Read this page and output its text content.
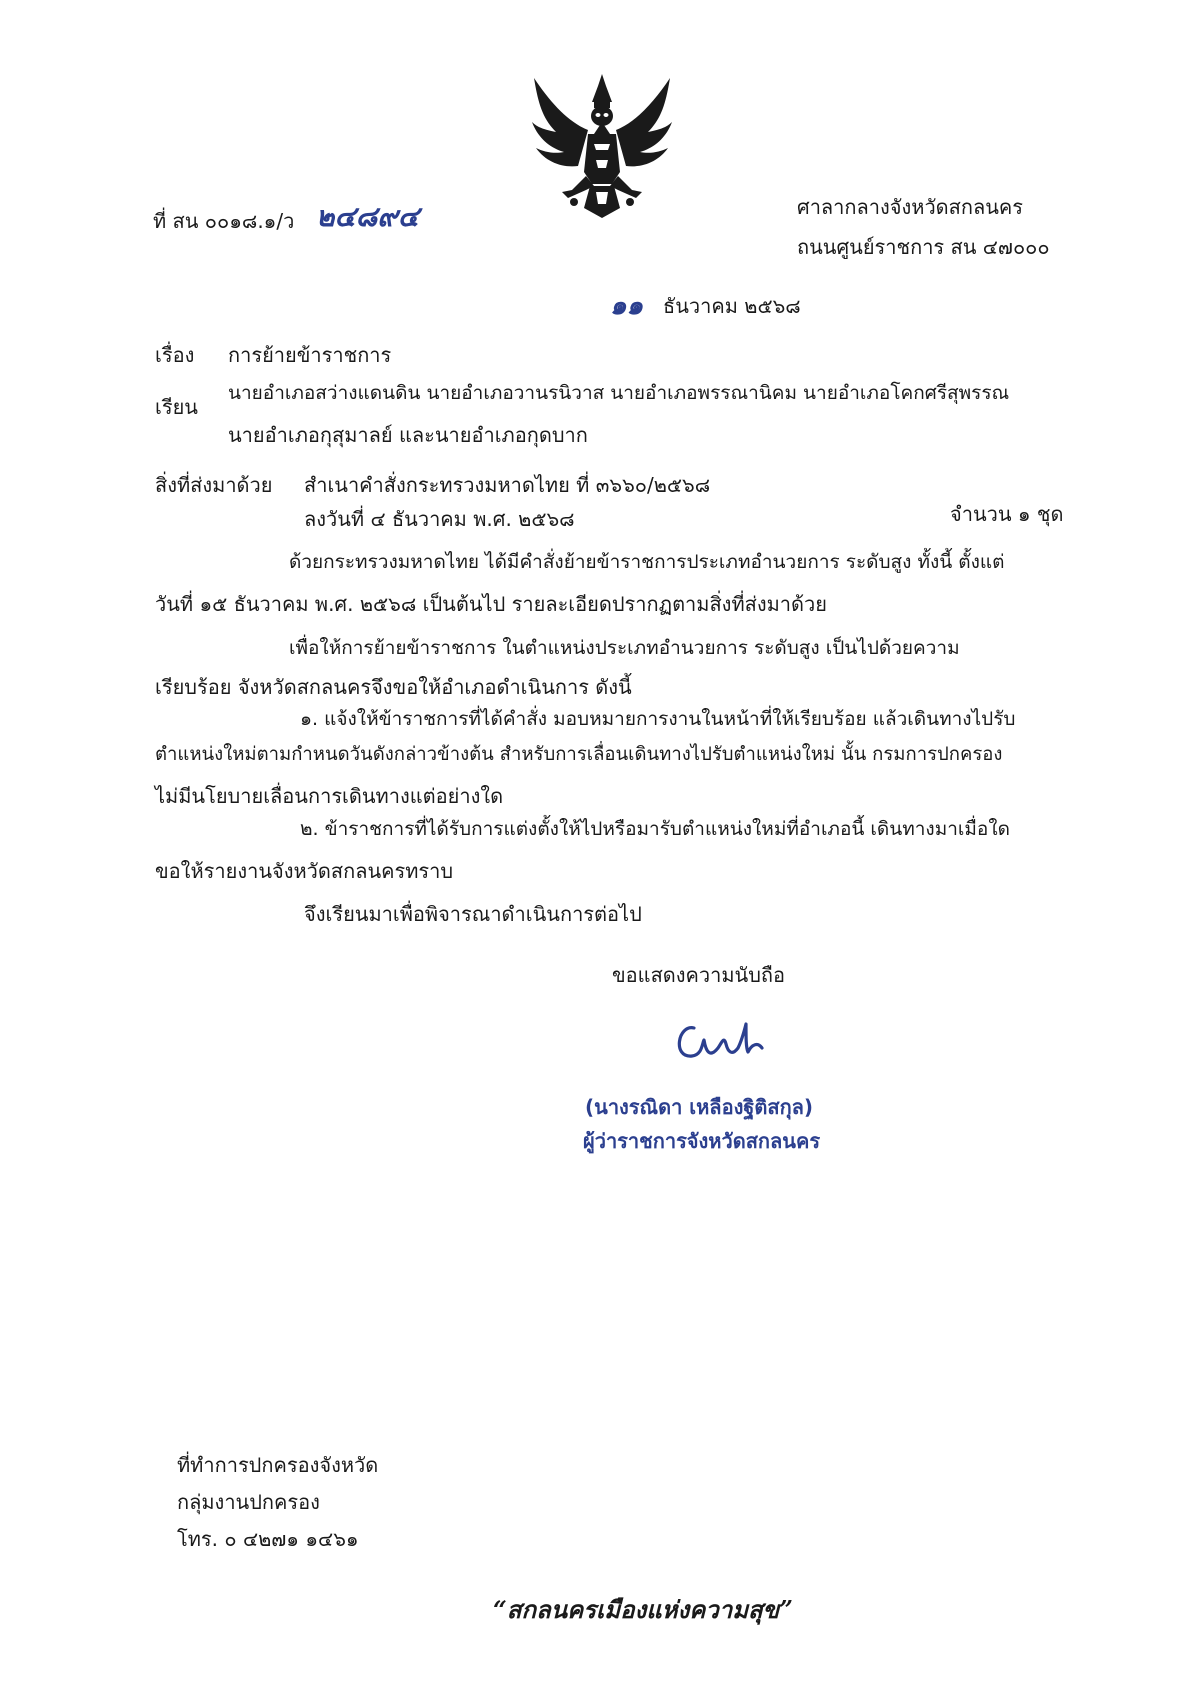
ที่ สน ๐๐๑๘.๑/ว ๒๔๘๙๔	ศาลากลางจังหวัดสกลนคร
ถนนศูนย์ราชการ สน ๔๗๐๐๐
๑๑ ธันวาคม ๒๕๖๘
เรื่อง การย้ายข้าราชการ
เรียน
นายอำเภอสว่างแดนดิน นายอำเภอวานรนิวาส นายอำเภอพรรณานิคม นายอำเภอโคกศรีสุพรรณ
นายอำเภอกุสุมาลย์ และนายอำเภอกุดบาก
สิ่งที่ส่งมาด้วย สำเนาคำสั่งกระทรวงมหาดไทย ที่ ๓๖๖๐/๒๕๖๘
ลงวันที่ ๔ ธันวาคม พ.ศ. ๒๕๖๘	จำนวน ๑ ชุด
ด้วยกระทรวงมหาดไทย ได้มีคำสั่งย้ายข้าราชการประเภทอำนวยการ ระดับสูง ทั้งนี้ ตั้งแต่
วันที่ ๑๕ ธันวาคม พ.ศ. ๒๕๖๘ เป็นต้นไป รายละเอียดปรากฏตามสิ่งที่ส่งมาด้วย
เพื่อให้การย้ายข้าราชการ ในตำแหน่งประเภทอำนวยการ ระดับสูง เป็นไปด้วยความ
เรียบร้อย จังหวัดสกลนครจึงขอให้อำเภอดำเนินการ ดังนี้
๑. แจ้งให้ข้าราชการที่ได้คำสั่ง มอบหมายการงานในหน้าที่ให้เรียบร้อย แล้วเดินทางไปรับ
ตำแหน่งใหม่ตามกำหนดวันดังกล่าวข้างต้น สำหรับการเลื่อนเดินทางไปรับตำแหน่งใหม่ นั้น กรมการปกครอง
ไม่มีนโยบายเลื่อนการเดินทางแต่อย่างใด
๒. ข้าราชการที่ได้รับการแต่งตั้งให้ไปหรือมารับตำแหน่งใหม่ที่อำเภอนี้ เดินทางมาเมื่อใด
ขอให้รายงานจังหวัดสกลนครทราบ
จึงเรียนมาเพื่อพิจารณาดำเนินการต่อไป
ขอแสดงความนับถือ
(นางรณิดา เหลืองฐิติสกุล)
ผู้ว่าราชการจังหวัดสกลนคร
ที่ทำการปกครองจังหวัด
กลุ่มงานปกครอง
โทร. ๐ ๔๒๗๑ ๑๔๖๑
“สกลนครเมืองแห่งความสุข”
